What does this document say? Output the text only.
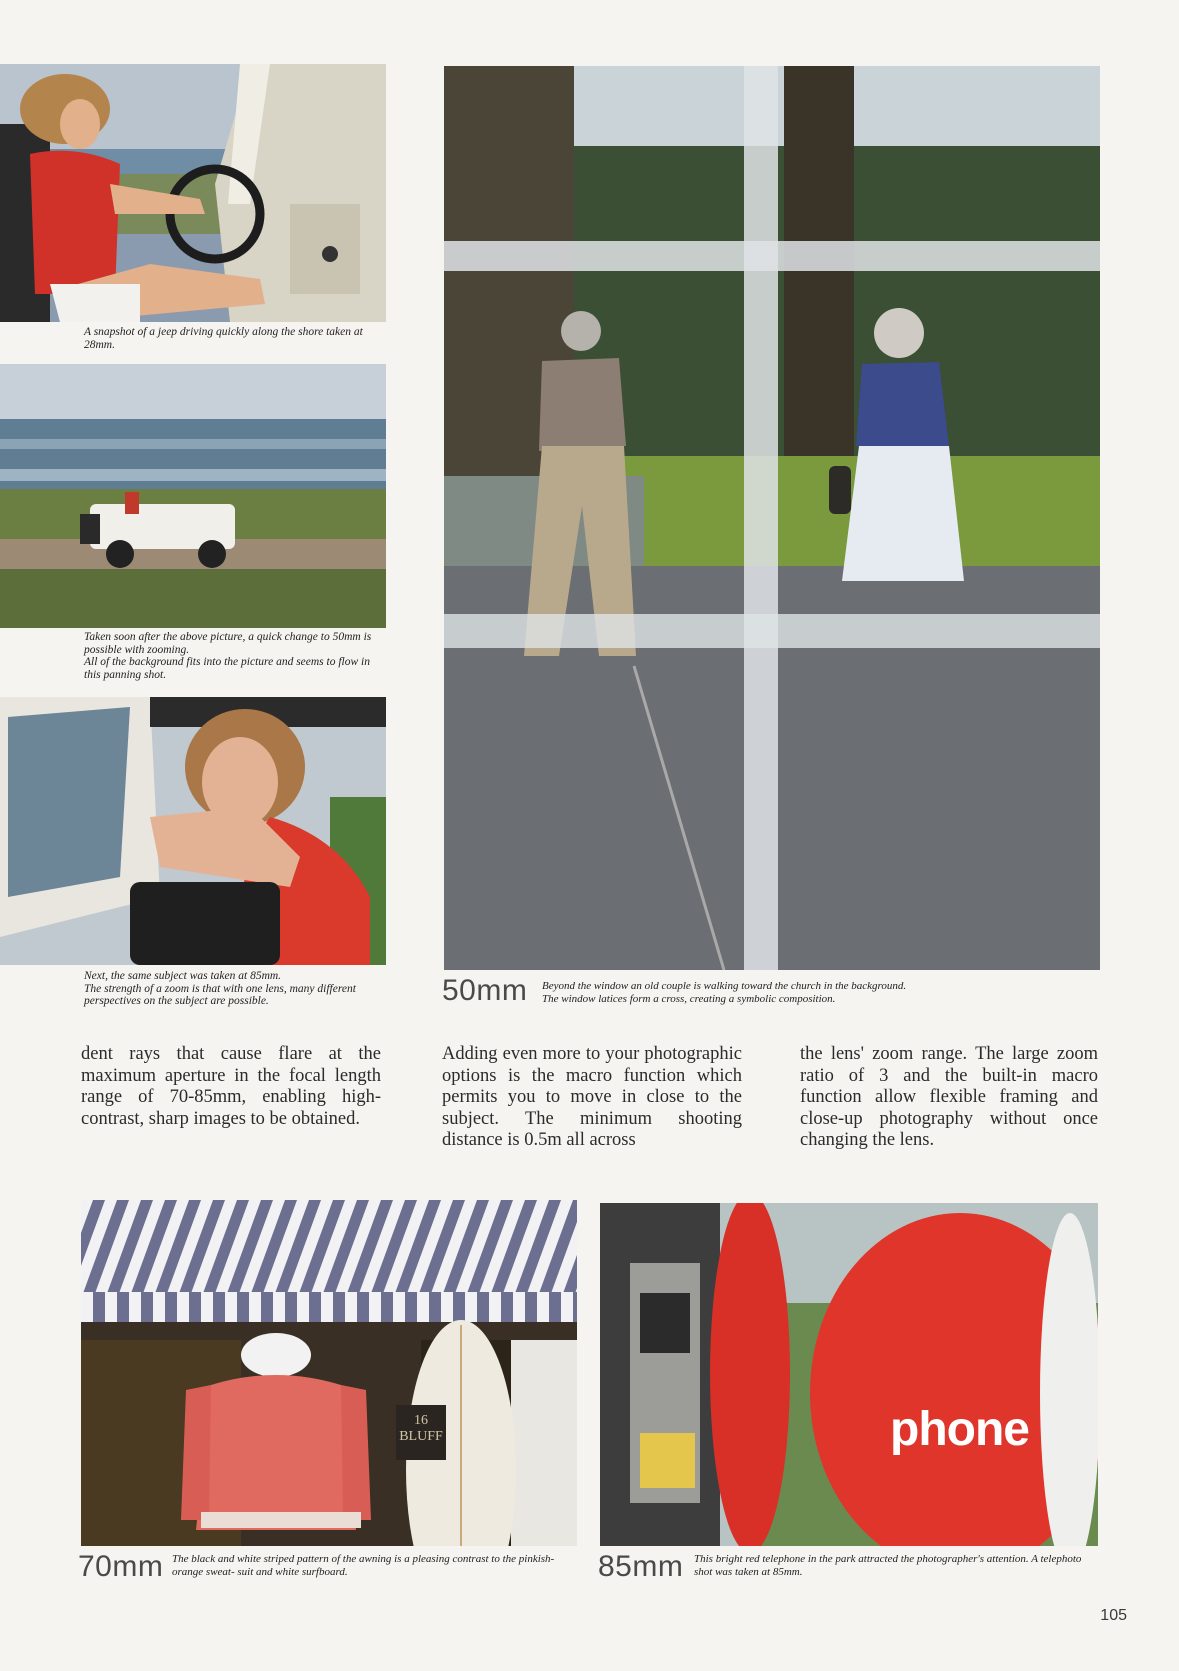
A snapshot of a jeep driving quickly along the shore taken at 28mm.
Taken soon after the above picture, a quick change to 50mm is possible with zooming.
All of the background fits into the picture and seems to flow in this panning shot.
Next, the same subject was taken at 85mm.
The strength of a zoom is that with one lens, many different perspectives on the subject are possible.	50mm Beyond the window an old couple is walking toward the church in the background.
The window latices form a cross, creating a symbolic composition.
dent rays that cause flare at the maximum aperture in the focal length range of 70-85mm, enabling high-contrast, sharp images to be obtained.
Adding even more to your photographic options is the macro function which permits you to move in close to the subject. The minimum shooting distance is 0.5m all across
the lens' zoom range. The large zoom ratio of 3 and the built-in macro function allow flexible framing and close-up photography without once changing the lens.
16
BLUFF
70mm The black and white striped pattern of the awning is a pleasing contrast to the pinkish-orange sweat- suit and white surfboard.
phone
85mm This bright red telephone in the park attracted the photographer's attention. A telephoto shot was taken at 85mm.
105
